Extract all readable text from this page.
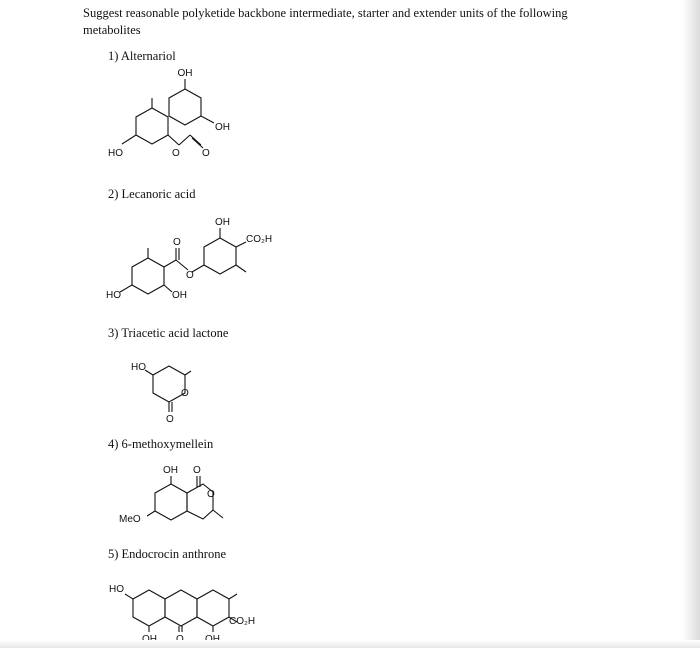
Suggest reasonable polyketide backbone intermediate, starter and extender units of the following metabolites
1) Alternariol
OH
OH
HO	O O
2) Lecanoric acid
OH
CO₂H
O
O
HO	OH
3) Triacetic acid lactone
HO
O
O
4) 6-methoxymellein
OH O
O
MeO
5) Endocrocin anthrone
HO
CO₂H
